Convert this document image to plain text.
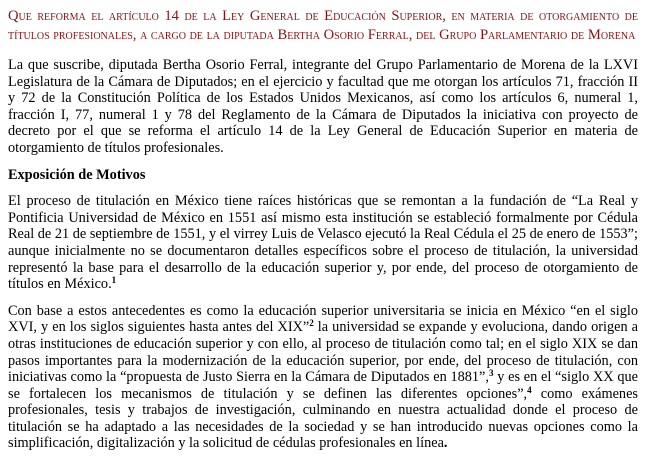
Que reforma el artículo 14 de la Ley General de Educación Superior, en materia de otorgamiento de títulos profesionales, a cargo de la diputada Bertha Osorio Ferral, del Grupo Parlamentario de Morena

La que suscribe, diputada Bertha Osorio Ferral, integrante del Grupo Parlamentario de Morena de la LXVI Legislatura de la Cámara de Diputados; en el ejercicio y facultad que me otorgan los artículos 71, fracción II y 72 de la Constitución Política de los Estados Unidos Mexicanos, así como los artículos 6, numeral 1, fracción I, 77, numeral 1 y 78 del Reglamento de la Cámara de Diputados la iniciativa con proyecto de decreto por el que se reforma el artículo 14 de la Ley General de Educación Superior en materia de otorgamiento de títulos profesionales.

Exposición de Motivos

El proceso de titulación en México tiene raíces históricas que se remontan a la fundación de “La Real y Pontificia Universidad de México en 1551 así mismo esta institución se estableció formalmente por Cédula Real de 21 de septiembre de 1551, y el virrey Luis de Velasco ejecutó la Real Cédula el 25 de enero de 1553”; aunque inicialmente no se documentaron detalles específicos sobre el proceso de titulación, la universidad representó la base para el desarrollo de la educación superior y, por ende, del proceso de otorgamiento de títulos en México.$^1$

Con base a estos antecedentes es como la educación superior universitaria se inicia en México “en el siglo XVI, y en los siglos siguientes hasta antes del XIX”$^2$ la universidad se expande y evoluciona, dando origen a otras instituciones de educación superior y con ello, al proceso de titulación como tal; en el siglo XIX se dan pasos importantes para la modernización de la educación superior, por ende, del proceso de titulación, con iniciativas como la “propuesta de Justo Sierra en la Cámara de Diputados en 1881”,$^3$ y es en el “siglo XX que se fortalecen los mecanismos de titulación y se definen las diferentes opciones”,$^4$ como exámenes profesionales, tesis y trabajos de investigación, culminando en nuestra actualidad donde el proceso de titulación se ha adaptado a las necesidades de la sociedad y se han introducido nuevas opciones como la simplificación, digitalización y la solicitud de cédulas profesionales en línea.
